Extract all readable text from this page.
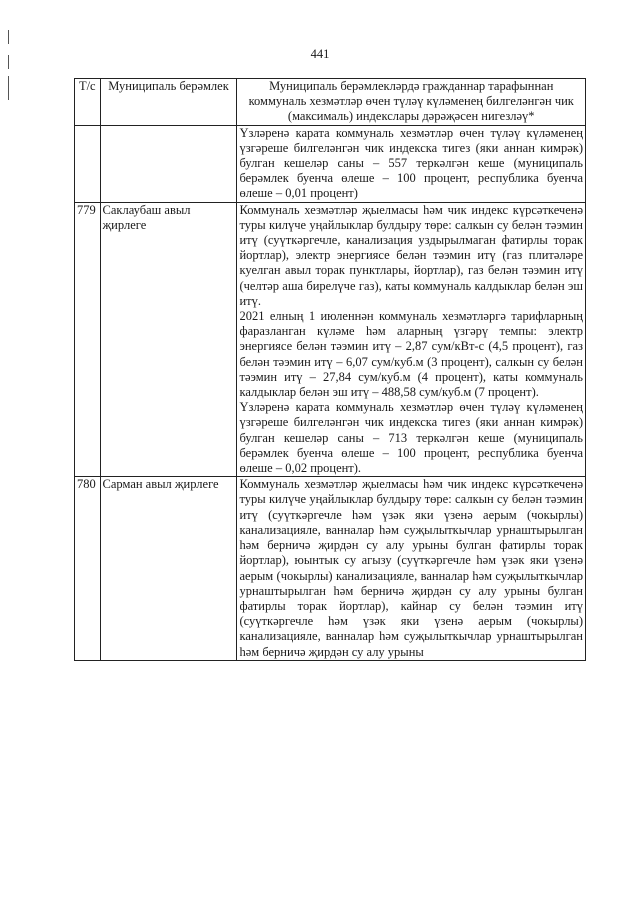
441
Т/с	Муниципаль берәмлек	Муниципаль берәмлекләрдә гражданнар тарафыннан коммуналь хезмәтләр өчен түләү күләменең билгеләнгән чик (максималь) индекслары дәрәҗәсен нигезләү*

		Үзләренә карата коммуналь хезмәтләр өчен түләү күләменең үзгәреше билгеләнгән чик индекска тигез (яки аннан кимрәк) булган кешеләр саны – 557 теркәлгән кеше (муниципаль берәмлек буенча өлеше – 100 процент, республика буенча өлеше – 0,01 процент)

779	Саклаубаш авыл җирлеге	Коммуналь хезмәтләр җыелмасы һәм чик индекс күрсәткеченә туры килүче уңайлыклар булдыру төре: салкын су белән тәэмин итү (суүткәргечле, канализация уздырылмаган фатирлы торак йортлар), электр энергиясе белән тәэмин итү (газ плитәләре куелган авыл торак пунктлары, йортлар), газ белән тәэмин итү (челтәр аша бирелүче газ), каты коммуналь калдыклар белән эш итү.

2021 елның 1 июленнән коммуналь хезмәтләргә тарифларның фаразланган күләме һәм аларның үзгәрү темпы: электр энергиясе белән тәэмин итү – 2,87 сум/кВт-с (4,5 процент), газ белән тәэмин итү – 6,07 сум/куб.м (3 процент), салкын су белән тәэмин итү – 27,84 сум/куб.м (4 процент), каты коммуналь калдыклар белән эш итү – 488,58 сум/куб.м (7 процент).

Үзләренә карата коммуналь хезмәтләр өчен түләү күләменең үзгәреше билгеләнгән чик индекска тигез (яки аннан кимрәк) булган кешеләр саны – 713 теркәлгән кеше (муниципаль берәмлек буенча өлеше – 100 процент, республика буенча өлеше – 0,02 процент).

780	Сарман авыл җирлеге	Коммуналь хезмәтләр җыелмасы һәм чик индекс күрсәткеченә туры килүче уңайлыклар булдыру төре: салкын су белән тәэмин итү (суүткәргечле һәм үзәк яки үзенә аерым (чокырлы) канализацияле, ванналар һәм суҗылыткычлар урнаштырылган һәм берничә җирдән су алу урыны булган фатирлы торак йортлар), юынтык су агызу (суүткәргечле һәм үзәк яки үзенә аерым (чокырлы) канализацияле, ванналар һәм суҗылыткычлар урнаштырылган һәм берничә җирдән су алу урыны булган фатирлы торак йортлар), кайнар су белән тәэмин итү (суүткәргечле һәм үзәк яки үзенә аерым (чокырлы) канализацияле, ванналар һәм суҗылыткычлар урнаштырылган һәм берничә җирдән су алу урыны
